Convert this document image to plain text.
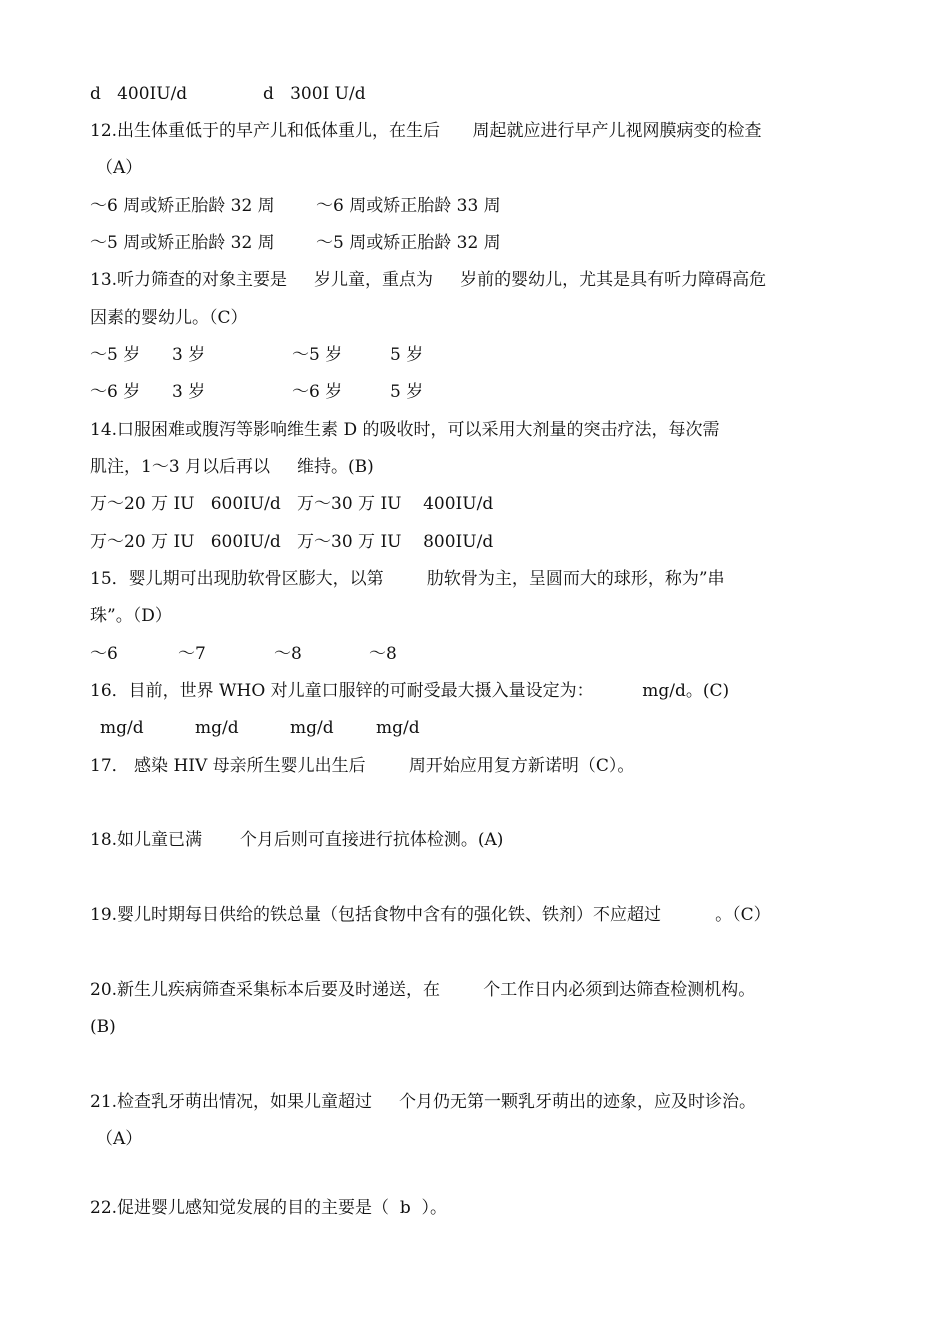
d   400IU/d	d   300I U/d
12.出生体重低于的早产儿和低体重儿，在生后      周起就应进行早产儿视网膜病变的检查
（A）
～6 周或矫正胎龄 32 周 ～6 周或矫正胎龄 33 周
～5 周或矫正胎龄 32 周 ～5 周或矫正胎龄 32 周
13.听力筛查的对象主要是     岁儿童，重点为     岁前的婴幼儿，尤其是具有听力障碍高危
因素的婴幼儿。（C）
～5 岁 3 岁	～5 岁	5 岁
～6 岁 3 岁	～6 岁	5 岁
14.口服困难或腹泻等影响维生素 D 的吸收时，可以采用大剂量的突击疗法，每次需
肌注，1～3 月以后再以     维持。(B)
万～20 万 IU   600IU/d   万～30 万 IU    400IU/d
万～20 万 IU   600IU/d   万～30 万 IU    800IU/d
15．婴儿期可出现肋软骨区膨大，以第        肋软骨为主，呈圆而大的球形，称为”串
珠”。（D）
～6	～7	～8	～8
16．目前，世界 WHO 对儿童口服锌的可耐受最大摄入量设定为：         mg/d。(C)
mg/d	mg/d	mg/d mg/d
17． 感染 HIV 母亲所生婴儿出生后        周开始应用复方新诺明（C）。
18.如儿童已满       个月后则可直接进行抗体检测。(A)
19.婴儿时期每日供给的铁总量（包括食物中含有的强化铁、铁剂）不应超过          。（C）
20.新生儿疾病筛查采集标本后要及时递送，在        个工作日内必须到达筛查检测机构。
(B)
21.检查乳牙萌出情况，如果儿童超过     个月仍无第一颗乳牙萌出的迹象，应及时诊治。
（A）
22.促进婴儿感知觉发展的目的主要是（  b  ）。
